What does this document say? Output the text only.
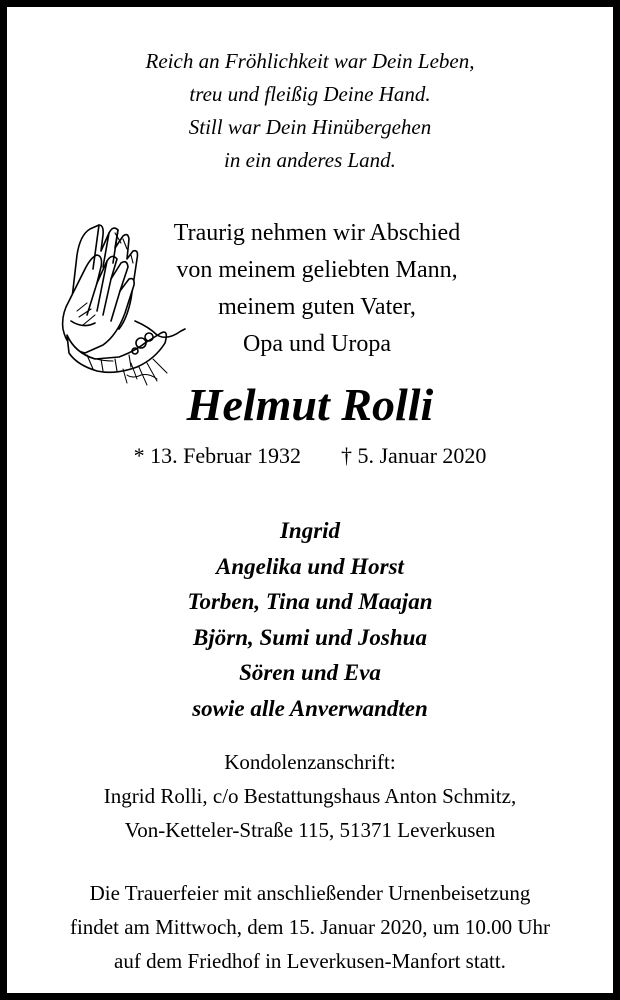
Reich an Fröhlichkeit war Dein Leben,
treu und fleißig Deine Hand.
Still war Dein Hinübergehen
in ein anderes Land.
Traurig nehmen wir Abschied
von meinem geliebten Mann,
meinem guten Vater,
Opa und Uropa
Helmut Rolli
* 13. Februar 1932 † 5. Januar 2020
Ingrid
Angelika und Horst
Torben, Tina und Maajan
Björn, Sumi und Joshua
Sören und Eva
sowie alle Anverwandten
Kondolenzanschrift:
Ingrid Rolli, c/o Bestattungshaus Anton Schmitz,
Von-Ketteler-Straße 115, 51371 Leverkusen
Die Trauerfeier mit anschließender Urnenbeisetzung
findet am Mittwoch, dem 15. Januar 2020, um 10.00 Uhr
auf dem Friedhof in Leverkusen-Manfort statt.
